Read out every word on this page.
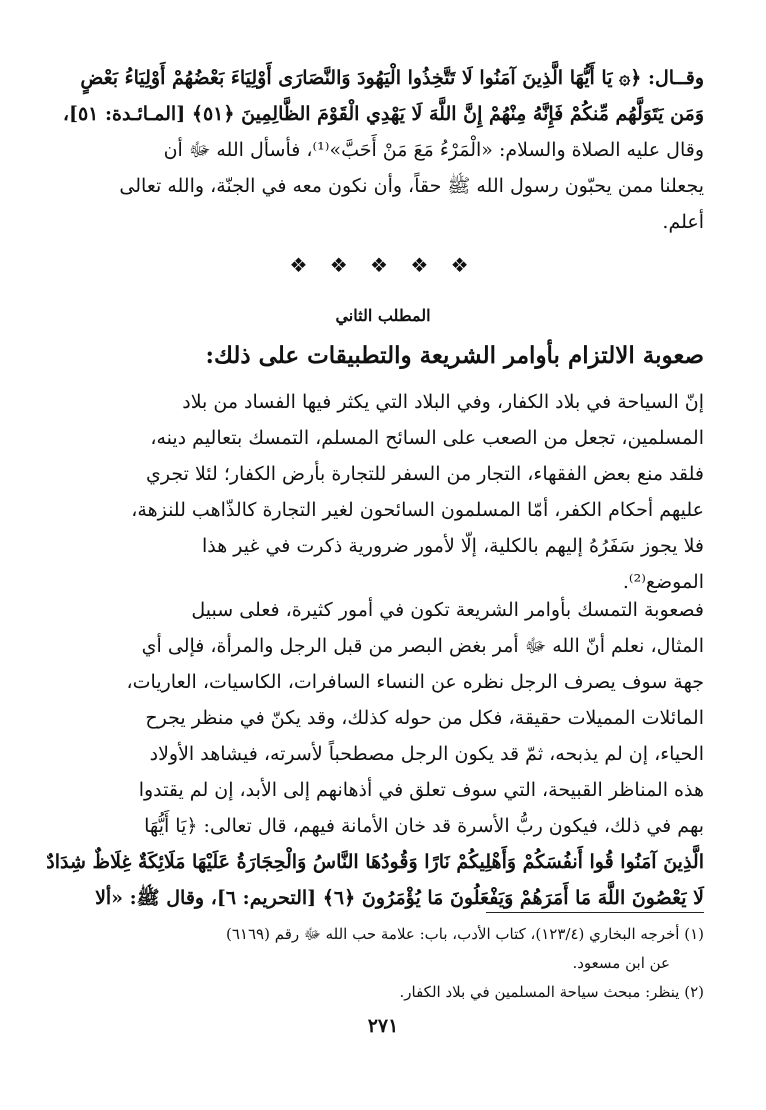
وقــال: ﴿۞ يَا أَيُّهَا الَّذِينَ آمَنُوا لَا تَتَّخِذُوا الْيَهُودَ وَالنَّصَارَى أَوْلِيَاءَ بَعْضُهُمْ أَوْلِيَاءُ بَعْضٍ
وَمَن يَتَوَلَّهُم مِّنكُمْ فَإِنَّهُ مِنْهُمْ إِنَّ اللَّهَ لَا يَهْدِي الْقَوْمَ الظَّالِمِينَ ﴿٥١﴾ [المـائـدة: ٥١]،
وقال عليه الصلاة والسلام: «الْمَرْءُ مَعَ مَنْ أَحَبَّ»⁽¹⁾، فأسأل الله ﷻ أن
يجعلنا ممن يحبّون رسول الله ﷺ حقاً، وأن نكون معه في الجنّة، والله تعالى
أعلم.
❖ ❖ ❖ ❖ ❖
المطلب الثاني
صعوبة الالتزام بأوامر الشريعة والتطبيقات على ذلك:
إنّ السياحة في بلاد الكفار، وفي البلاد التي يكثر فيها الفساد من بلاد
المسلمين، تجعل من الصعب على السائح المسلم، التمسك بتعاليم دينه،
فلقد منع بعض الفقهاء، التجار من السفر للتجارة بأرض الكفار؛ لئلا تجري
عليهم أحكام الكفر، أمّا المسلمون السائحون لغير التجارة كالذّاهب للنزهة،
فلا يجوز سَفَرُهُ إليهم بالكلية، إلّا لأمور ضرورية ذكرت في غير هذا
الموضع⁽²⁾.
فصعوبة التمسك بأوامر الشريعة تكون في أمور كثيرة، فعلى سبيل
المثال، نعلم أنّ الله ﷻ أمر بغض البصر من قبل الرجل والمرأة، فإلى أي
جهة سوف يصرف الرجل نظره عن النساء السافرات، الكاسيات، العاريات،
المائلات المميلات حقيقة، فكل من حوله كذلك، وقد يكنّ في منظر يجرح
الحياء، إن لم يذبحه، ثمّ قد يكون الرجل مصطحباً لأسرته، فيشاهد الأولاد
هذه المناظر القبيحة، التي سوف تعلق في أذهانهم إلى الأبد، إن لم يقتدوا
بهم في ذلك، فيكون ربُّ الأسرة قد خان الأمانة فيهم، قال تعالى: ﴿يَا أَيُّهَا
الَّذِينَ آمَنُوا قُوا أَنفُسَكُمْ وَأَهْلِيكُمْ نَارًا وَقُودُهَا النَّاسُ وَالْحِجَارَةُ عَلَيْهَا مَلَائِكَةٌ غِلَاظٌ شِدَادٌ
لَا يَعْصُونَ اللَّهَ مَا أَمَرَهُمْ وَيَفْعَلُونَ مَا يُؤْمَرُونَ ﴿٦﴾ [التحريم: ٦]، وقال ﷺ: «ألا
(١) أخرجه البخاري (١٢٣/٤)، كتاب الأدب، باب: علامة حب الله ﷻ رقم (٦١٦٩)
عن ابن مسعود.
(٢) ينظر: مبحث سياحة المسلمين في بلاد الكفار.
٢٧١
